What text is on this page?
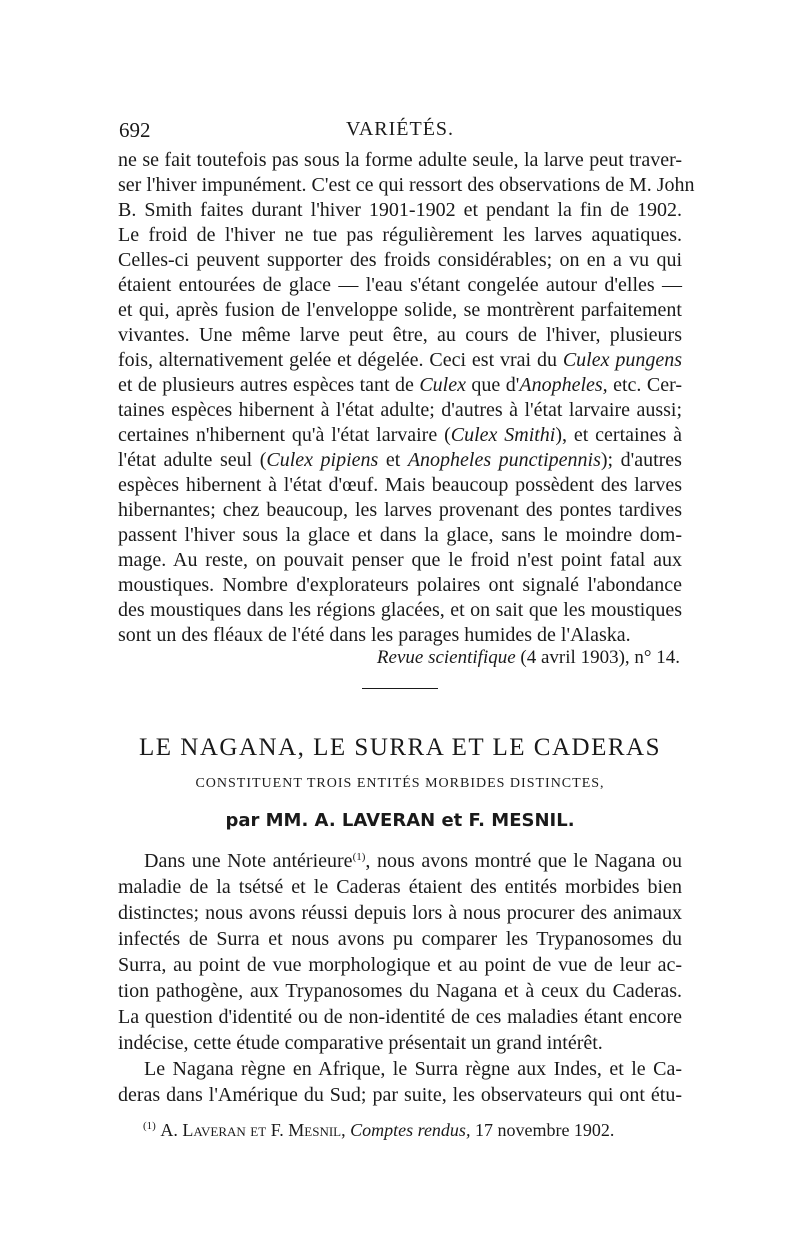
692	VARIÉTÉS.
ne se fait toutefois pas sous la forme adulte seule, la larve peut traver-
ser l'hiver impunément. C'est ce qui ressort des observations de M. John
B. Smith faites durant l'hiver 1901-1902 et pendant la fin de 1902.
Le froid de l'hiver ne tue pas régulièrement les larves aquatiques.
Celles-ci peuvent supporter des froids considérables; on en a vu qui
étaient entourées de glace — l'eau s'étant congelée autour d'elles —
et qui, après fusion de l'enveloppe solide, se montrèrent parfaitement
vivantes. Une même larve peut être, au cours de l'hiver, plusieurs
fois, alternativement gelée et dégelée. Ceci est vrai du Culex pungens
et de plusieurs autres espèces tant de Culex que d'Anopheles, etc. Cer-
taines espèces hibernent à l'état adulte; d'autres à l'état larvaire aussi;
certaines n'hibernent qu'à l'état larvaire (Culex Smithi), et certaines à
l'état adulte seul (Culex pipiens et Anopheles punctipennis); d'autres
espèces hibernent à l'état d'œuf. Mais beaucoup possèdent des larves
hibernantes; chez beaucoup, les larves provenant des pontes tardives
passent l'hiver sous la glace et dans la glace, sans le moindre dom-
mage. Au reste, on pouvait penser que le froid n'est point fatal aux
moustiques. Nombre d'explorateurs polaires ont signalé l'abondance
des moustiques dans les régions glacées, et on sait que les moustiques
sont un des fléaux de l'été dans les parages humides de l'Alaska.
Revue scientifique (4 avril 1903), n° 14.
LE NAGANA, LE SURRA ET LE CADERAS
CONSTITUENT TROIS ENTITÉS MORBIDES DISTINCTES,
par MM. A. LAVERAN et F. MESNIL.
Dans une Note antérieure$^{(1)}$, nous avons montré que le Nagana ou
maladie de la tsétsé et le Caderas étaient des entités morbides bien
distinctes; nous avons réussi depuis lors à nous procurer des animaux
infectés de Surra et nous avons pu comparer les Trypanosomes du
Surra, au point de vue morphologique et au point de vue de leur ac-
tion pathogène, aux Trypanosomes du Nagana et à ceux du Caderas.
La question d'identité ou de non-identité de ces maladies étant encore
indécise, cette étude comparative présentait un grand intérêt.
Le Nagana règne en Afrique, le Surra règne aux Indes, et le Ca-
deras dans l'Amérique du Sud; par suite, les observateurs qui ont étu-
$^{(1)}$ A. Laveran et F. Mesnil, Comptes rendus, 17 novembre 1902.
